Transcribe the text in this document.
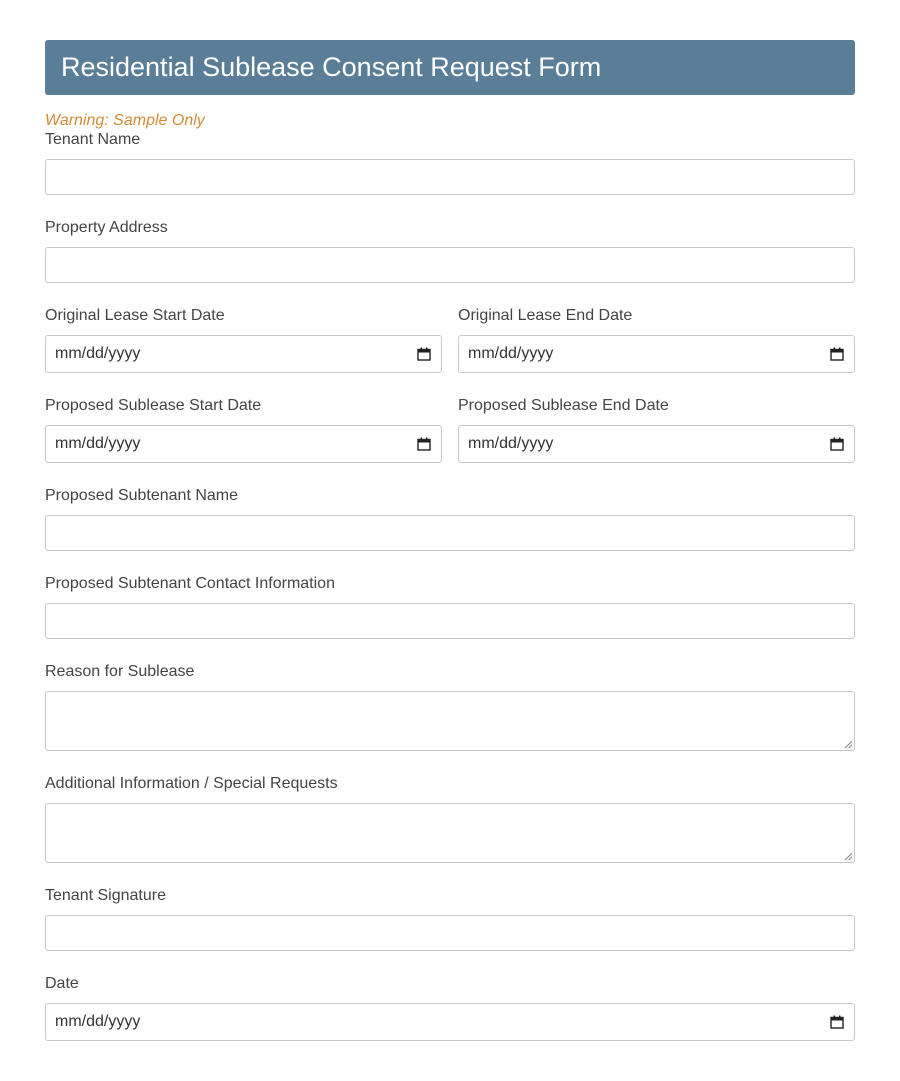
Residential Sublease Consent Request Form
Warning: Sample Only
Tenant Name
Property Address
Original Lease Start Date
mm/dd/yyyy
Original Lease End Date
mm/dd/yyyy
Proposed Sublease Start Date
mm/dd/yyyy
Proposed Sublease End Date
mm/dd/yyyy
Proposed Subtenant Name
Proposed Subtenant Contact Information
Reason for Sublease
Additional Information / Special Requests
Tenant Signature
Date
mm/dd/yyyy
